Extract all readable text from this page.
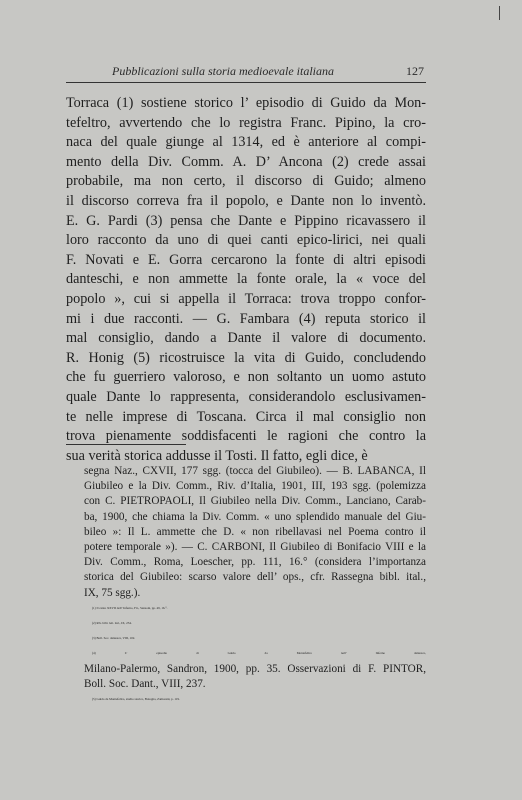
Pubblicazioni sulla storia medioevale italiana	127
Torraca (1) sostiene storico l’ episodio di Guido da Mon-
tefeltro, avvertendo che lo registra Franc. Pipino, la cro-
naca del quale giunge al 1314, ed è anteriore al compi-
mento della Div. Comm. A. D’ Ancona (2) crede assai
probabile, ma non certo, il discorso di Guido; almeno
il discorso correva fra il popolo, e Dante non lo inventò.
E. G. Pardi (3) pensa che Dante e Pippino ricavassero il
loro racconto da uno di quei canti epico-lirici, nei quali
F. Novati e E. Gorra cercarono la fonte di altri episodi
danteschi, e non ammette la fonte orale, la « voce del
popolo », cui si appella il Torraca: trova troppo confor-
mi i due racconti. — G. Fambara (4) reputa storico il
mal consiglio, dando a Dante il valore di documento.
R. Honig (5) ricostruisce la vita di Guido, concludendo
che fu guerriero valoroso, e non soltanto un uomo astuto
quale Dante lo rappresenta, considerandolo esclusivamen-
te nelle imprese di Toscana. Circa il mal consiglio non
trova pienamente soddisfacenti le ragioni che contro la
sua verità storica addusse il Tosti. Il fatto, egli dice, è
segna Naz., CXVII, 177 sgg. (tocca del Giubileo). — B. LABANCA, Il
Giubileo e la Div. Comm., Riv. d’Italia, 1901, III, 193 sgg. (polemizza
con C. PIETROPAOLI, Il Giubileo nella Div. Comm., Lanciano, Carab-
ba, 1900, che chiama la Div. Comm. « uno splendido manuale del Giu-
bileo »: Il L. ammette che D. « non ribellavasi nel Poema contro il
potere temporale »). — C. CARBONI, Il Giubileo di Bonifacio VIII e la
Div. Comm., Roma, Loescher, pp. 111, 16.° (considera l’importanza
storica del Giubileo: scarso valore dell’ ops., cfr. Rassegna bibl. ital.,
IX, 75 sgg.).
(1) Il canto XXVII dell’ Inferno, Fir., Sansoni, pp. 49, 16.°.
(2) Riv. bibl. lett. ital., IX, 234.
(3) Boll. Soc. dantesca, VIII, 102.
(4) L’ episodio di Guido da Montefeltro nell’ Inferno dantesco,
Milano-Palermo, Sandron, 1900, pp. 35. Osservazioni di F. PINTOR,
Boll. Soc. Dant., VIII, 237.
(5) Guido da Montefeltro, studio storico, Bologna, Zamorani, p. 119.
